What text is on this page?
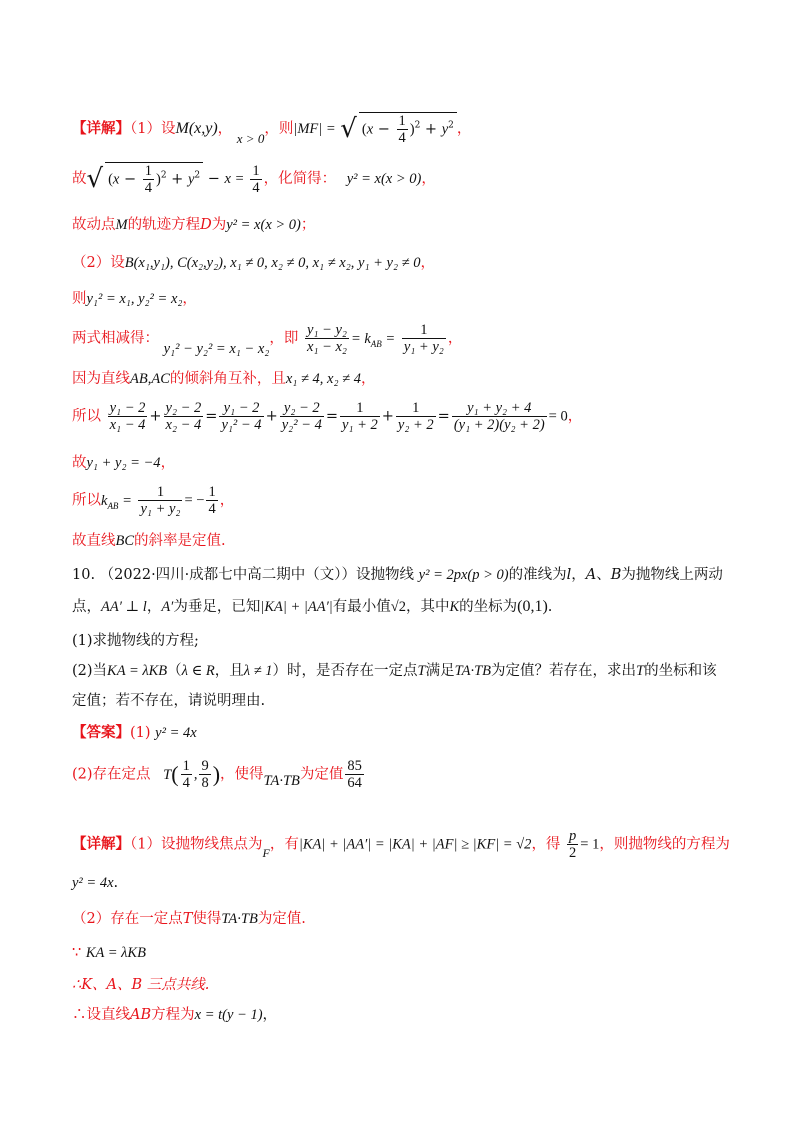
【详解】（1）设M(x,y)， x > 0，则|MF| = √ $(x - \frac{1}{4} )^2 + y^2$ ，
故√ $(x - \frac{1}{4} )^2 + y^2 - x = \frac{1}{4}$ ，化简得： y² = x(x > 0)，
故动点M的轨迹方程D为y² = x(x > 0)；
（2）设B(x₁,y₁), C(x₂,y₂), x₁ ≠ 0, x₂ ≠ 0, x₁ ≠ x₂, y₁ + y₂ ≠ 0，
则y₁² = x₁, y₂² = x₂，
两式相减得： y₁² − y₂² = x₁ − x₂，即 $\frac{\text{y₁ − y₂}}{\text{x₁ − x₂}} = k_{AB} = \frac{1}{\text{y₁ + y₂}}$ ，
因为直线AB,AC的倾斜角互补，且x₁ ≠ 4, x₂ ≠ 4，
所以 $\frac{\text{y₁ − 2}}{\text{x₁ − 4}} + \frac{\text{y₂ − 2}}{\text{x₂ − 4}} = \frac{\text{y₁ − 2}}{\text{y₁² − 4}} + \frac{\text{y₂ − 2}}{\text{y₂² − 4}} = \frac{1}{\text{y₁ + 2}} + \frac{1}{\text{y₂ + 2}} = \frac{\text{y₁ + y₂ + 4}}{\text{(y₁ + 2)(y₂ + 2)}} = 0$，
故y₁ + y₂ = −4，
所以$k_{AB} = \frac{1}{\text{y₁ + y₂}}$ = − $\frac{1}{4}$ ，
故直线BC的斜率是定值.
10. （2022·四川·成都七中高二期中（文））设抛物线 y² = 2px(p > 0)的准线为l，A、B为抛物线上两动
点，AA′ ⊥ l，A′为垂足，已知|KA| + |AA′|有最小值√2，其中K的坐标为(0,1).
(1)求抛物线的方程;
(2)当KA = λKB（λ ∈ R，且λ ≠ 1）时，是否存在一定点T满足TA·TB为定值？若存在，求出T的坐标和该
定值；若不存在，请说明理由.
【答案】(1) y² = 4x
(2)存在定点 $T( \frac{1}{4}$ , $\frac{9}{8}$ )，使得TA·TB为定值 $\frac{85}{64}$
【详解】（1）设抛物线焦点为$_F$，有|KA| + |AA′| = |KA| + |AF| ≥ |KF| = √2，得 $\frac{p}{2} = 1$，则抛物线的方程为
y² = 4x.
（2）存在一定点T使得TA·TB为定值.
∵ KA = λKB
∴K、A、B 三点共线.
∴设直线AB方程为x = t(y − 1)，
